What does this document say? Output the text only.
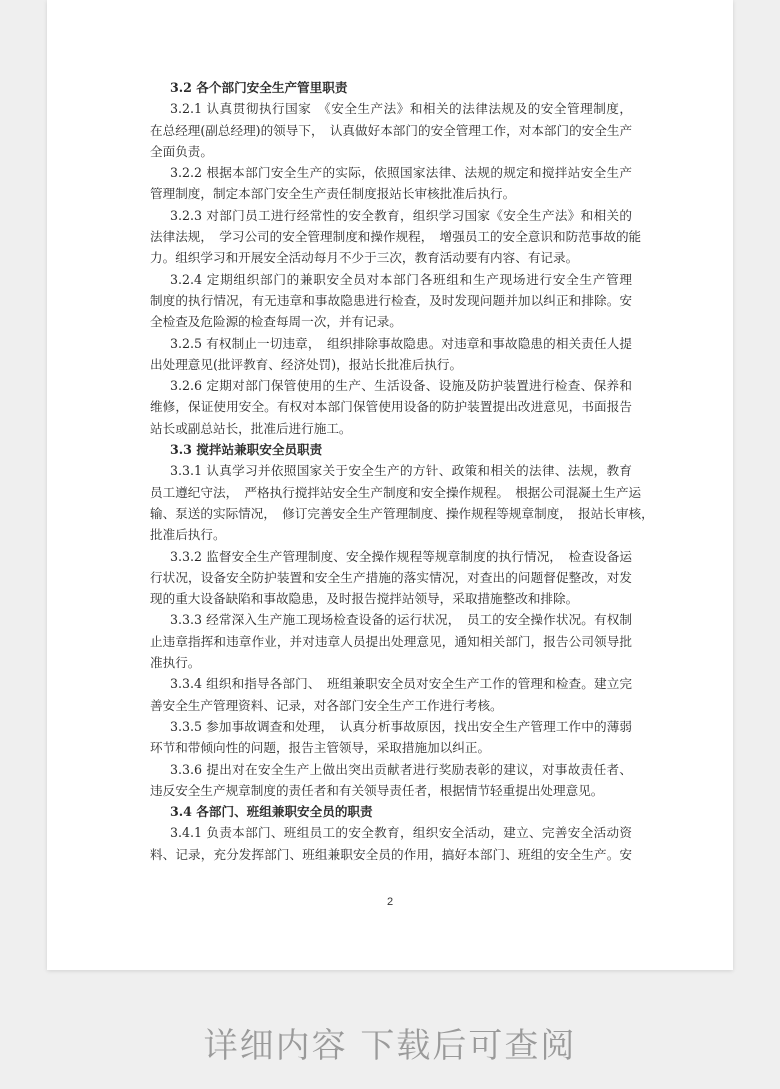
3.2 各个部门安全生产管里职责
3.2.1 认真贯彻执行国家　《安全生产法》和相关的法律法规及的安全管理制度，
在总经理(副总经理)的领导下，　认真做好本部门的安全管理工作，对本部门的安全生产
全面负责。
3.2.2 根据本部门安全生产的实际，依照国家法律、法规的规定和搅拌站安全生产
管理制度，制定本部门安全生产责任制度报站长审核批准后执行。
3.2.3 对部门员工进行经常性的安全教育，组织学习国家《安全生产法》和相关的
法律法规，　学习公司的安全管理制度和操作规程，　增强员工的安全意识和防范事故的能
力。组织学习和开展安全活动每月不少于三次，教育活动要有内容、有记录。
3.2.4 定期组织部门的兼职安全员对本部门各班组和生产现场进行安全生产管理
制度的执行情况，有无违章和事故隐患进行检查，及时发现问题并加以纠正和排除。安
全检查及危险源的检查每周一次，并有记录。
3.2.5 有权制止一切违章，　组织排除事故隐患。对违章和事故隐患的相关责任人提
出处理意见(批评教育、经济处罚)，报站长批准后执行。
3.2.6 定期对部门保管使用的生产、生活设备、设施及防护装置进行检查、保养和
维修，保证使用安全。有权对本部门保管使用设备的防护装置提出改进意见，书面报告
站长或副总站长，批准后进行施工。
3.3 搅拌站兼职安全员职责
3.3.1 认真学习并依照国家关于安全生产的方针、政策和相关的法律、法规，教育
员工遵纪守法，　严格执行搅拌站安全生产制度和安全操作规程。　根据公司混凝土生产运
输、泵送的实际情况，　修订完善安全生产管理制度、操作规程等规章制度，　报站长审核，
批准后执行。
3.3.2 监督安全生产管理制度、安全操作规程等规章制度的执行情况，　检查设备运
行状况，设备安全防护装置和安全生产措施的落实情况，对查出的问题督促整改，对发
现的重大设备缺陷和事故隐患，及时报告搅拌站领导，采取措施整改和排除。
3.3.3 经常深入生产施工现场检查设备的运行状况，　员工的安全操作状况。有权制
止违章指挥和违章作业，并对违章人员提出处理意见，通知相关部门，报告公司领导批
准执行。
3.3.4 组织和指导各部门、　班组兼职安全员对安全生产工作的管理和检查。建立完
善安全生产管理资料、记录，对各部门安全生产工作进行考核。
3.3.5 参加事故调查和处理，　认真分析事故原因，找出安全生产管理工作中的薄弱
环节和带倾向性的问题，报告主管领导，采取措施加以纠正。
3.3.6 提出对在安全生产上做出突出贡献者进行奖励表彰的建议，对事故责任者、
违反安全生产规章制度的责任者和有关领导责任者，根据情节轻重提出处理意见。
3.4 各部门、班组兼职安全员的职责
3.4.1 负责本部门、班组员工的安全教育，组织安全活动，建立、完善安全活动资
料、记录，充分发挥部门、班组兼职安全员的作用，搞好本部门、班组的安全生产。安
2
详细内容 下载后可查阅
